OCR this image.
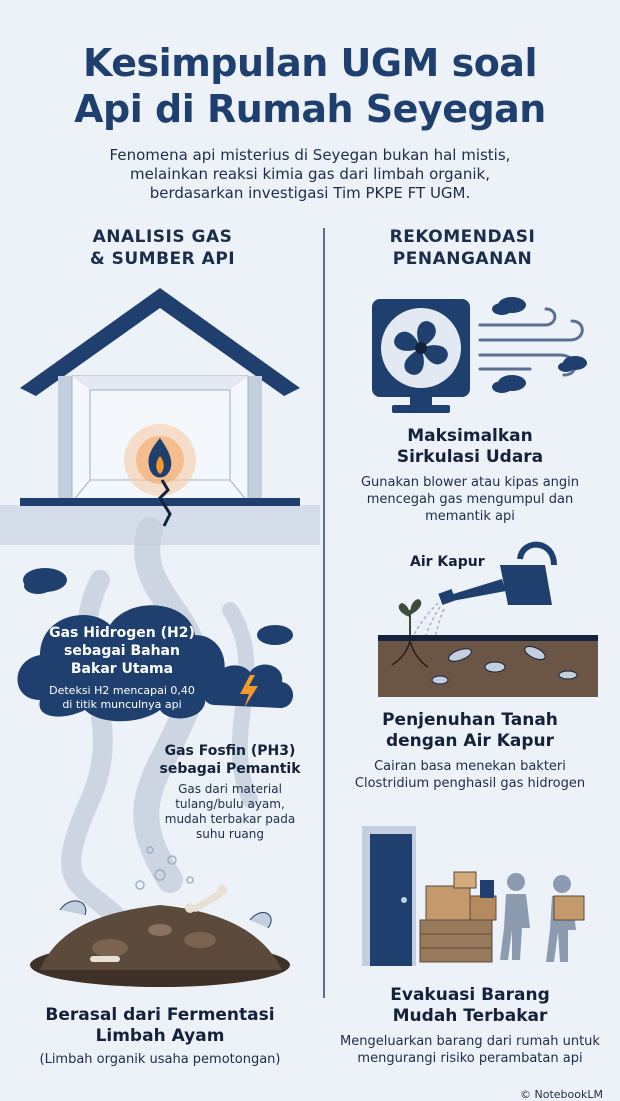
Kesimpulan UGM soal
Api di Rumah Seyegan
Fenomena api misterius di Seyegan bukan hal mistis,
melainkan reaksi kimia gas dari limbah organik,
berdasarkan investigasi Tim PKPE FT UGM.
ANALISIS GAS
& SUMBER API
REKOMENDASI
PENANGANAN
Gas Hidrogen (H2)
sebagai Bahan
Bakar Utama
Deteksi H2 mencapai 0,40
di titik munculnya api
Gas Fosfin (PH3)
sebagai Pemantik
Gas dari material
tulang/bulu ayam,
mudah terbakar pada
suhu ruang
Berasal dari Fermentasi
Limbah Ayam
(Limbah organik usaha pemotongan)
Maksimalkan
Sirkulasi Udara
Gunakan blower atau kipas angin
mencegah gas mengumpul dan
memantik api
Air Kapur
Penjenuhan Tanah
dengan Air Kapur
Cairan basa menekan bakteri
Clostridium penghasil gas hidrogen
Evakuasi Barang
Mudah Terbakar
Mengeluarkan barang dari rumah untuk
mengurangi risiko perambatan api
© NotebookLM
